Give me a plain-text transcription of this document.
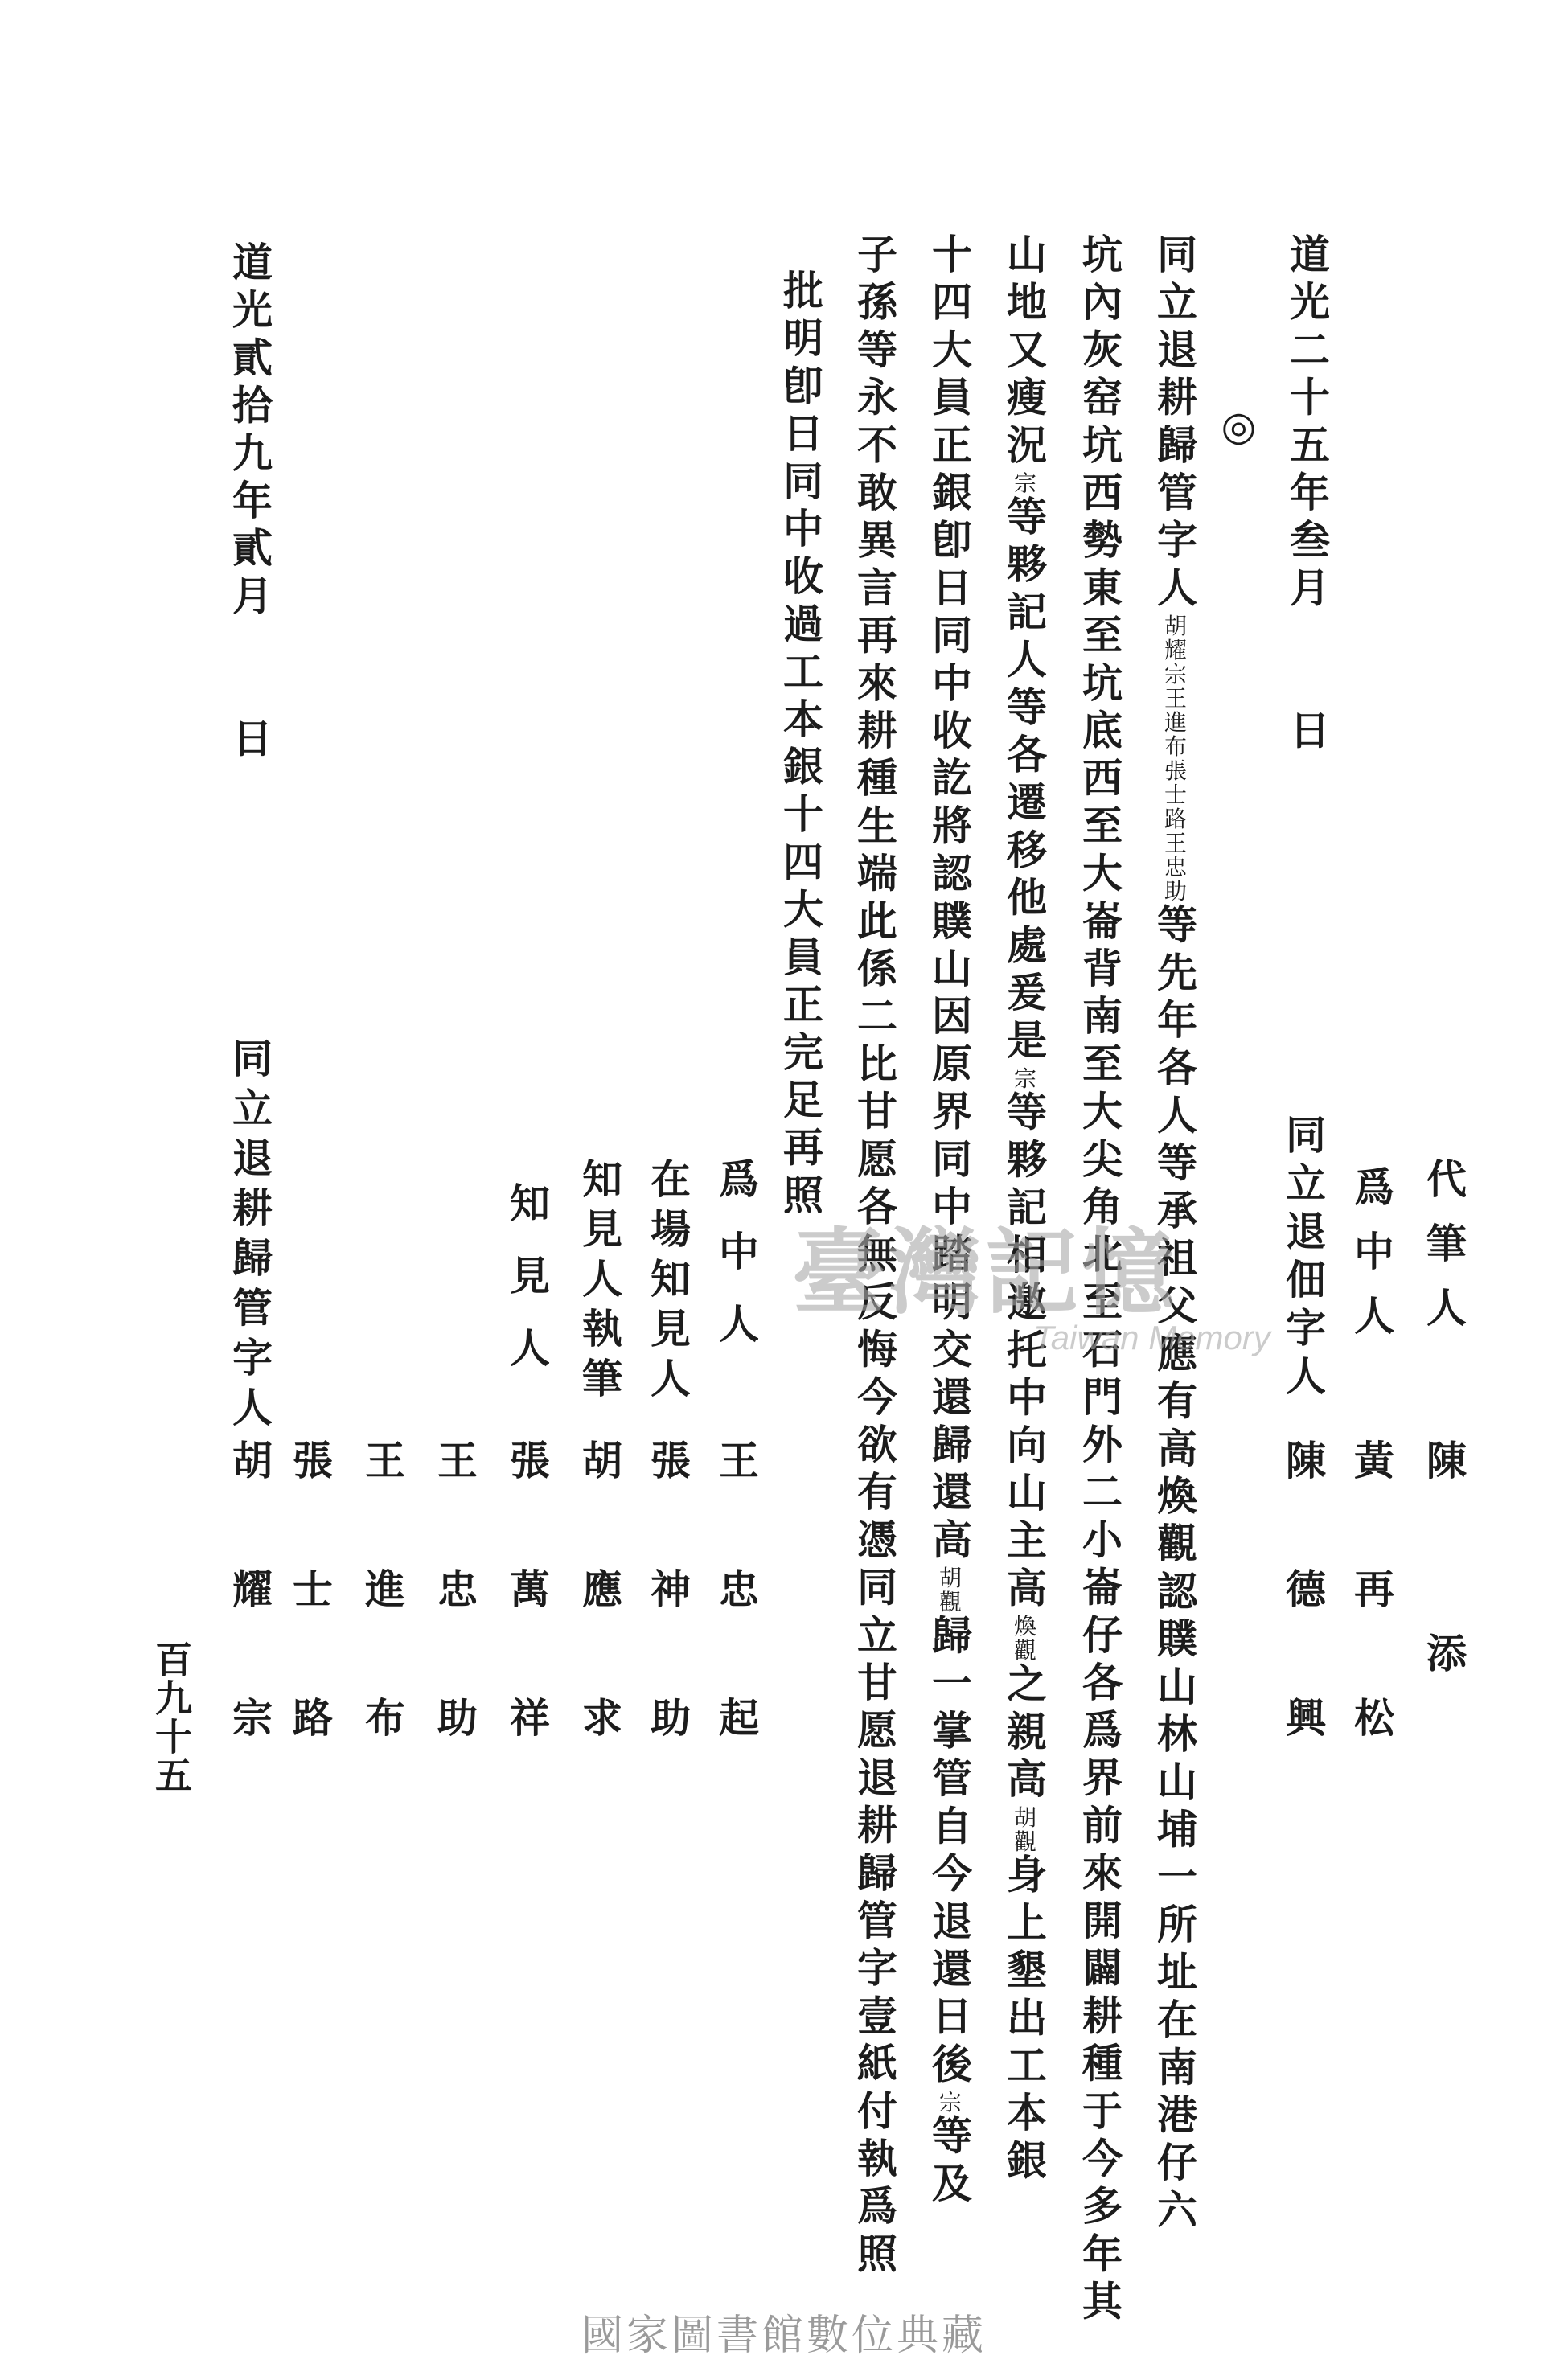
道光二十五年叁月　　日
◎
同立退耕歸管字人胡耀宗王進布張士路王忠助等先年各人等承祖父應有高煥觀認贌山林山埔一所址在南港仔六
坑內灰窑坑西勢東至坑底西至大崙背南至大尖角北至石門外二小崙仔各爲界前來開闢耕種于今多年其
山地又瘦況宗等夥記人等各遷移他處爰是宗等夥記相邀托中向山主高煥觀之親高胡觀身上墾出工本銀
十四大員正銀卽日同中收訖將認贌山因原界同中踏明交還歸還高胡觀歸一掌管自今退還日後宗等及
子孫等永不敢異言再來耕種生端此係二比甘愿各無反悔今欲有憑同立甘愿退耕歸管字壹紙付執爲照
批明卽日同中收過工本銀十四大員正完足再照
代筆人
陳　　添
爲中人
黃　再　松
同立退佃字人
陳　德　興
爲中人
王　忠　起
在場知見人
張　神　助
知見人執筆
胡　應　求
知見人
張　萬　祥
王　忠　助
王　進　布
張　士　路
道光貳拾九年貳月　　日
同立退耕歸管字人
胡　耀　宗
百九十五
臺灣記憶
Taiwan Memory
國家圖書館數位典藏
